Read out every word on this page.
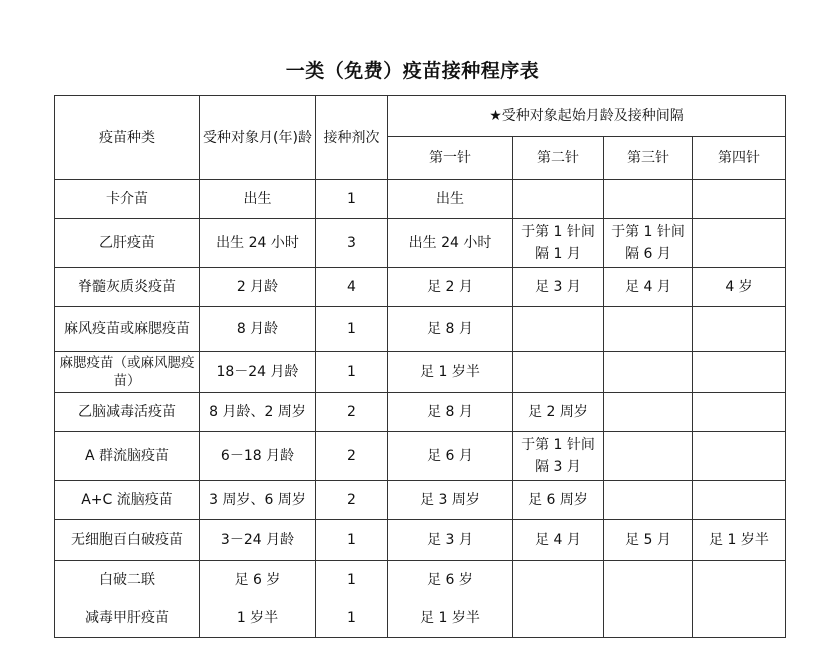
一类（免费）疫苗接种程序表
疫苗种类	受种对象月(年)龄	接种剂次	★受种对象起始月龄及接种间隔			
			第一针	第二针	第三针	第四针
卡介苗	出生	1	出生			
乙肝疫苗	出生 24 小时	3	出生 24 小时	于第 1 针间隔 1 月	于第 1 针间隔 6 月	
脊髓灰质炎疫苗	2 月龄	4	足 2 月	足 3 月	足 4 月	4 岁
麻风疫苗或麻腮疫苗	8 月龄	1	足 8 月			
麻腮疫苗（或麻风腮疫苗）	18－24 月龄	1	足 1 岁半			
乙脑减毒活疫苗	8 月龄、2 周岁	2	足 8 月	足 2 周岁		
A 群流脑疫苗	6－18 月龄	2	足 6 月	于第 1 针间隔 3 月		
A+C 流脑疫苗	3 周岁、6 周岁	2	足 3 周岁	足 6 周岁		
无细胞百白破疫苗	3－24 月龄	1	足 3 月	足 4 月	足 5 月	足 1 岁半
白破二联	足 6 岁	1	足 6 岁			
减毒甲肝疫苗	1 岁半	1	足 1 岁半			
